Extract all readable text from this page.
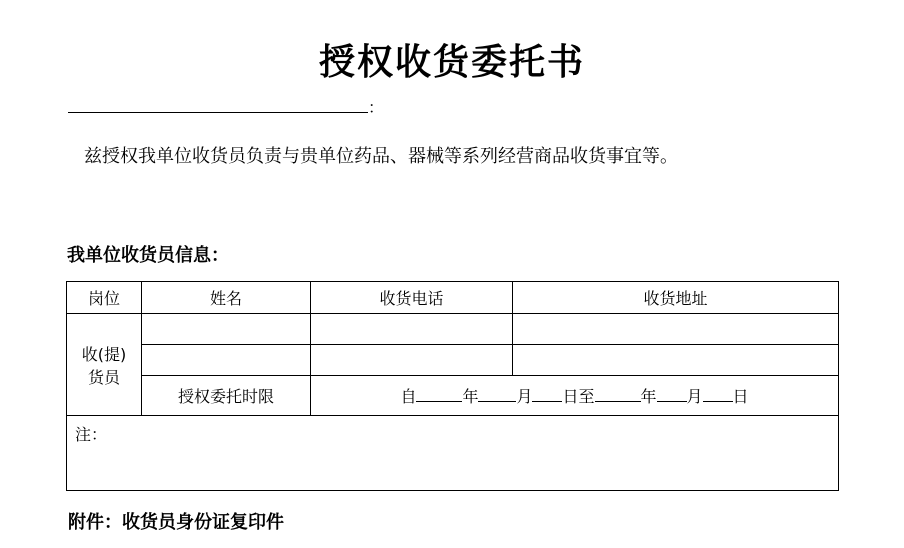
授权收货委托书
：
兹授权我单位收货员负责与贵单位药品、器械等系列经营商品收货事宜等。
我单位收货员信息：
岗位	姓名	收货电话	收货地址

收(提)
货员			

	授权委托时限	自 年 月 日至 年 月 日	
注：			
附件：收货员身份证复印件
